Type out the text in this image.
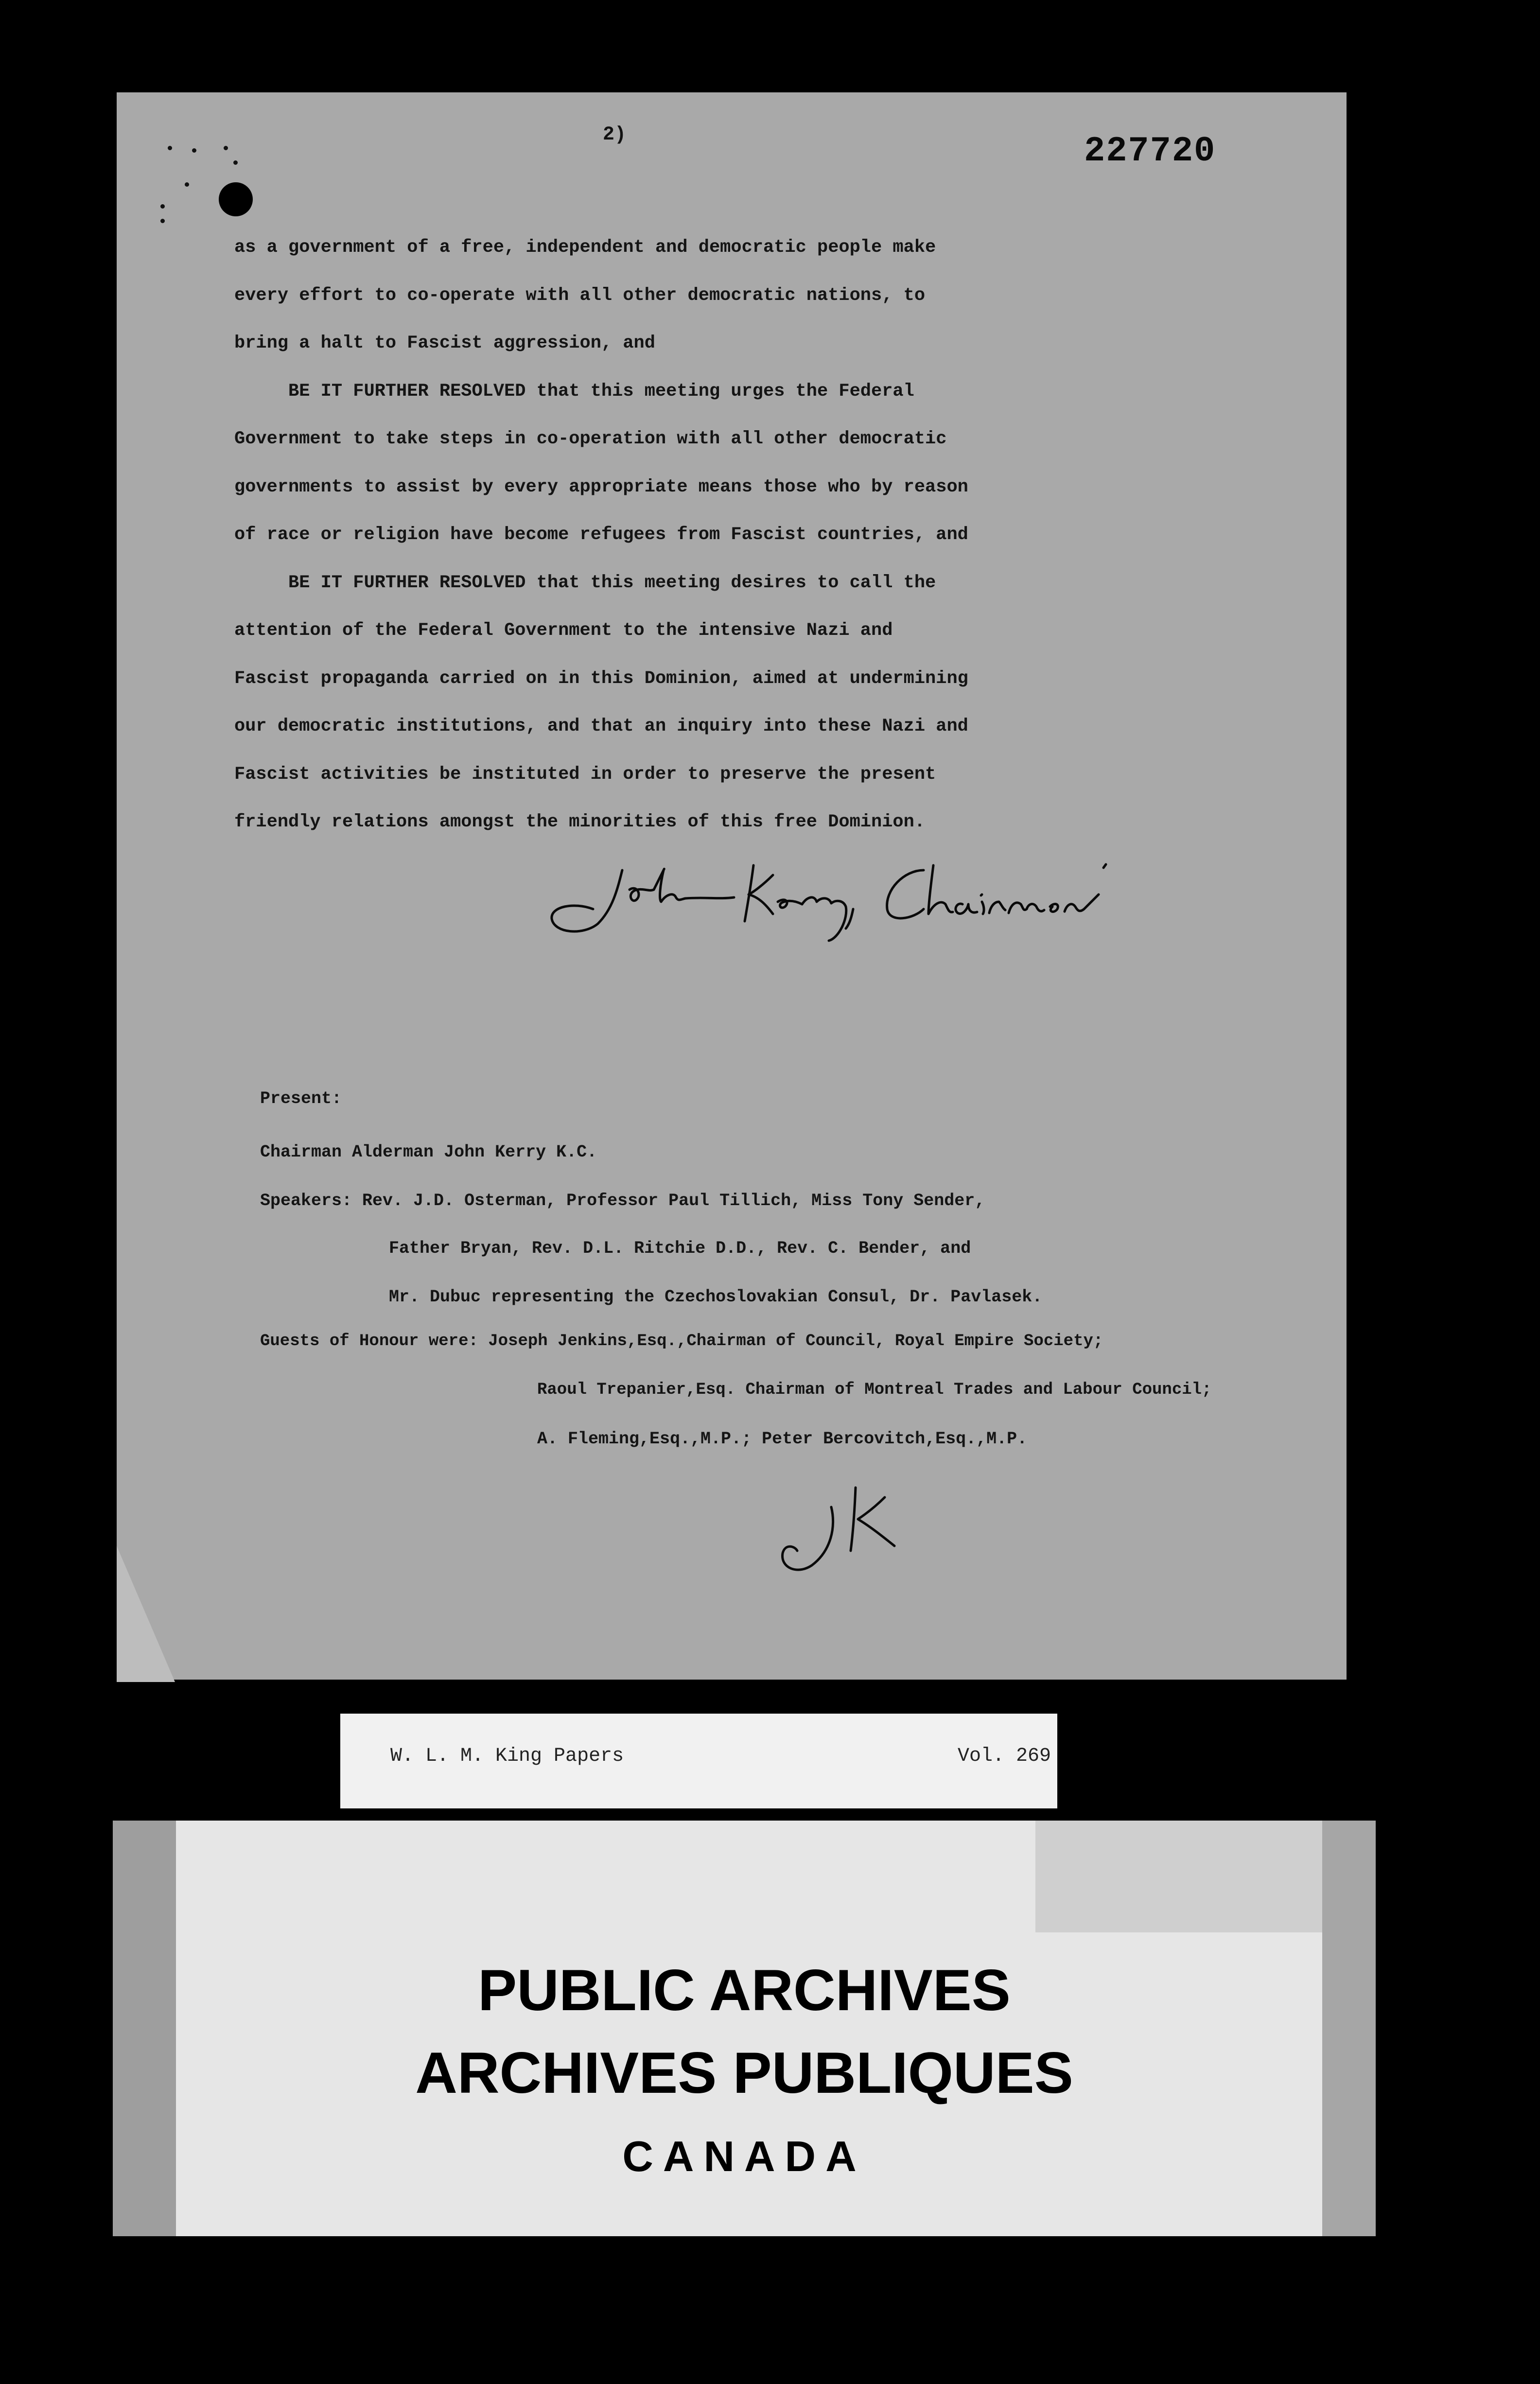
2)	227720
as a government of a free, independent and democratic people make
every effort to co-operate with all other democratic nations, to
bring a halt to Fascist aggression, and
BE IT FURTHER RESOLVED that this meeting urges the Federal
Government to take steps in co-operation with all other democratic
governments to assist by every appropriate means those who by reason
of race or religion have become refugees from Fascist countries, and
BE IT FURTHER RESOLVED that this meeting desires to call the
attention of the Federal Government to the intensive Nazi and
Fascist propaganda carried on in this Dominion, aimed at undermining
our democratic institutions, and that an inquiry into these Nazi and
Fascist activities be instituted in order to preserve the present
friendly relations amongst the minorities of this free Dominion.
Present:
Chairman Alderman John Kerry K.C.
Speakers: Rev. J.D. Osterman, Professor Paul Tillich, Miss Tony Sender,
Father Bryan, Rev. D.L. Ritchie D.D., Rev. C. Bender, and
Mr. Dubuc representing the Czechoslovakian Consul, Dr. Pavlasek.
Guests of Honour were: Joseph Jenkins,Esq.,Chairman of Council, Royal Empire Society;
Raoul Trepanier,Esq. Chairman of Montreal Trades and Labour Council;
A. Fleming,Esq.,M.P.; Peter Bercovitch,Esq.,M.P.
W. L. M. King Papers	Vol. 269
PUBLIC ARCHIVES
ARCHIVES PUBLIQUES
CANADA
